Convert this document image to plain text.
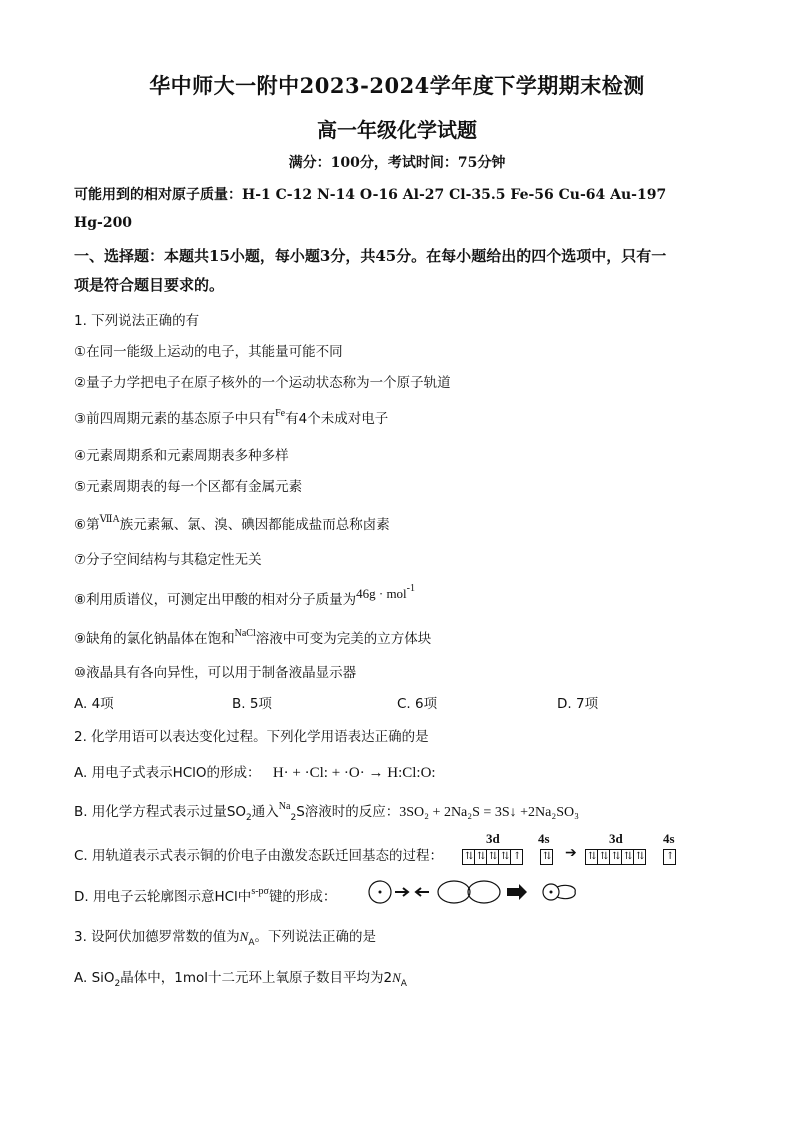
华中师大一附中2023-2024学年度下学期期末检测
高一年级化学试题
满分：100分，考试时间：75分钟
可能用到的相对原子质量：H-1 C-12 N-14 O-16 Al-27 Cl-35.5 Fe-56 Cu-64 Au-197
Hg-200
一、选择题：本题共15小题，每小题3分，共45分。在每小题给出的四个选项中，只有一
项是符合题目要求的。
1. 下列说法正确的有
①在同一能级上运动的电子，其能量可能不同
②量子力学把电子在原子核外的一个运动状态称为一个原子轨道
③前四周期元素的基态原子中只有$^{Fe}$有4个未成对电子
④元素周期系和元素周期表多种多样
⑤元素周期表的每一个区都有金属元素
⑥第$^{ⅦA}$族元素氟、氯、溴、碘因都能成盐而总称卤素
⑦分子空间结构与其稳定性无关
⑧利用质谱仪，可测定出甲酸的相对分子质量为46g · mol$^{-1}$
⑨缺角的氯化钠晶体在饱和$^{NaCl}$溶液中可变为完美的立方体块
⑩液晶具有各向异性，可以用于制备液晶显示器
A. 4项	B. 5项	C. 6项	D. 7项
2. 化学用语可以表达变化过程。下列化学用语表达正确的是
A. 用电子式表示HClO的形成： H· + ·Cl: + ·O· → H:Cl:O:
B. 用化学方程式表示过量$SO_2$通入$^{Na}_2$S溶液时的反应：3SO₂ + 2Na₂S = 3S↓ +2Na₂SO₃
C. 用轨道表示式表示铜的价电子由激发态跃迁回基态的过程：
3d	4s
⇅ ⇅ ⇅ ⇅ ↑ ⇅ ➔
3d	4s
⇅ ⇅ ⇅ ⇅ ⇅ ↑
D. 用电子云轮廓图示意HCl中$^{s-p\sigma}$键的形成：
3. 设阿伏加德罗常数的值为$N_A$。下列说法正确的是
A. SiO$_2$晶体中，1mol十二元环上氧原子数目平均为$2N_A$
